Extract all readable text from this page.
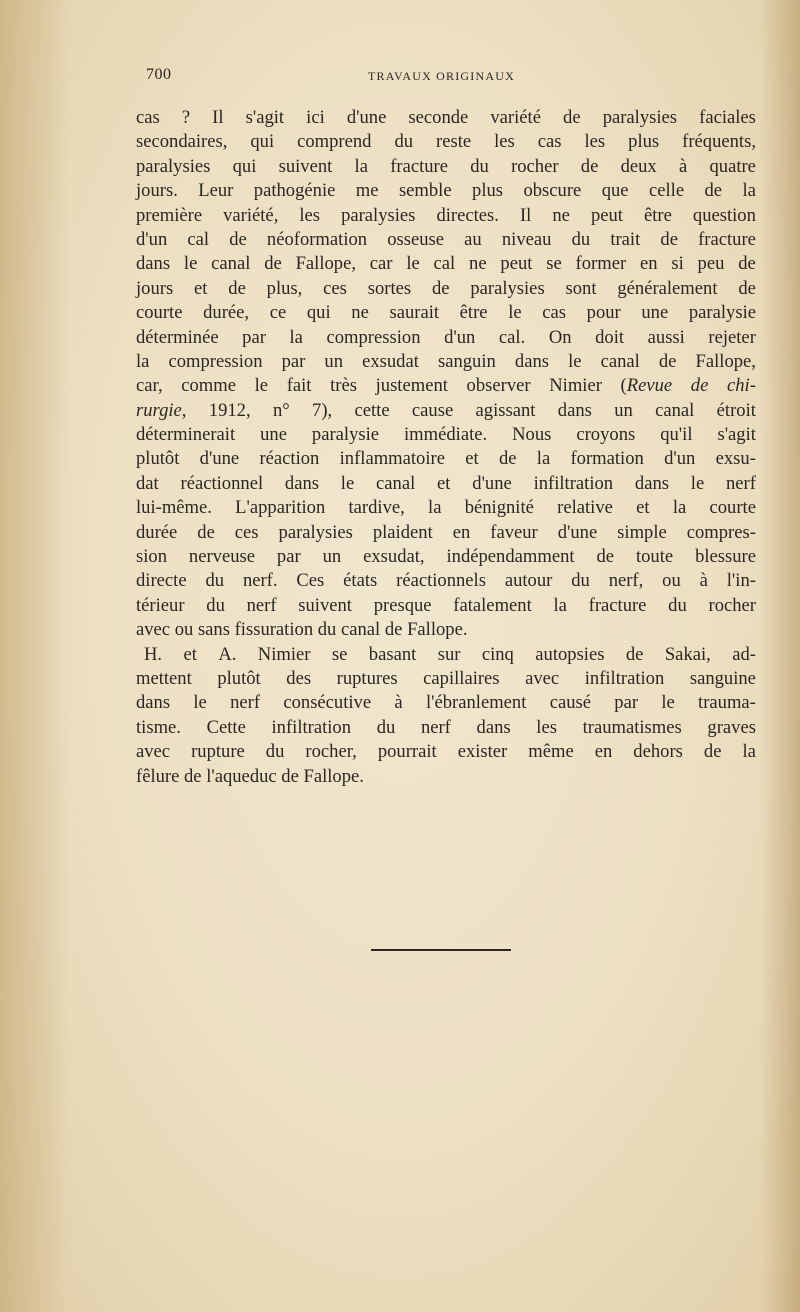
700	TRAVAUX ORIGINAUX
cas ? Il s'agit ici d'une seconde variété de paralysies faciales
secondaires, qui comprend du reste les cas les plus fréquents,
paralysies qui suivent la fracture du rocher de deux à quatre
jours. Leur pathogénie me semble plus obscure que celle de la
première variété, les paralysies directes. Il ne peut être question
d'un cal de néoformation osseuse au niveau du trait de fracture
dans le canal de Fallope, car le cal ne peut se former en si peu de
jours et de plus, ces sortes de paralysies sont généralement de
courte durée, ce qui ne saurait être le cas pour une paralysie
déterminée par la compression d'un cal. On doit aussi rejeter
la compression par un exsudat sanguin dans le canal de Fallope,
car, comme le fait très justement observer Nimier (Revue de chi-
rurgie, 1912, n° 7), cette cause agissant dans un canal étroit
déterminerait une paralysie immédiate. Nous croyons qu'il s'agit
plutôt d'une réaction inflammatoire et de la formation d'un exsu-
dat réactionnel dans le canal et d'une infiltration dans le nerf
lui-même. L'apparition tardive, la bénignité relative et la courte
durée de ces paralysies plaident en faveur d'une simple compres-
sion nerveuse par un exsudat, indépendamment de toute blessure
directe du nerf. Ces états réactionnels autour du nerf, ou à l'in-
térieur du nerf suivent presque fatalement la fracture du rocher
avec ou sans fissuration du canal de Fallope.
H. et A. Nimier se basant sur cinq autopsies de Sakai, ad-
mettent plutôt des ruptures capillaires avec infiltration sanguine
dans le nerf consécutive à l'ébranlement causé par le trauma-
tisme. Cette infiltration du nerf dans les traumatismes graves
avec rupture du rocher, pourrait exister même en dehors de la
fêlure de l'aqueduc de Fallope.
